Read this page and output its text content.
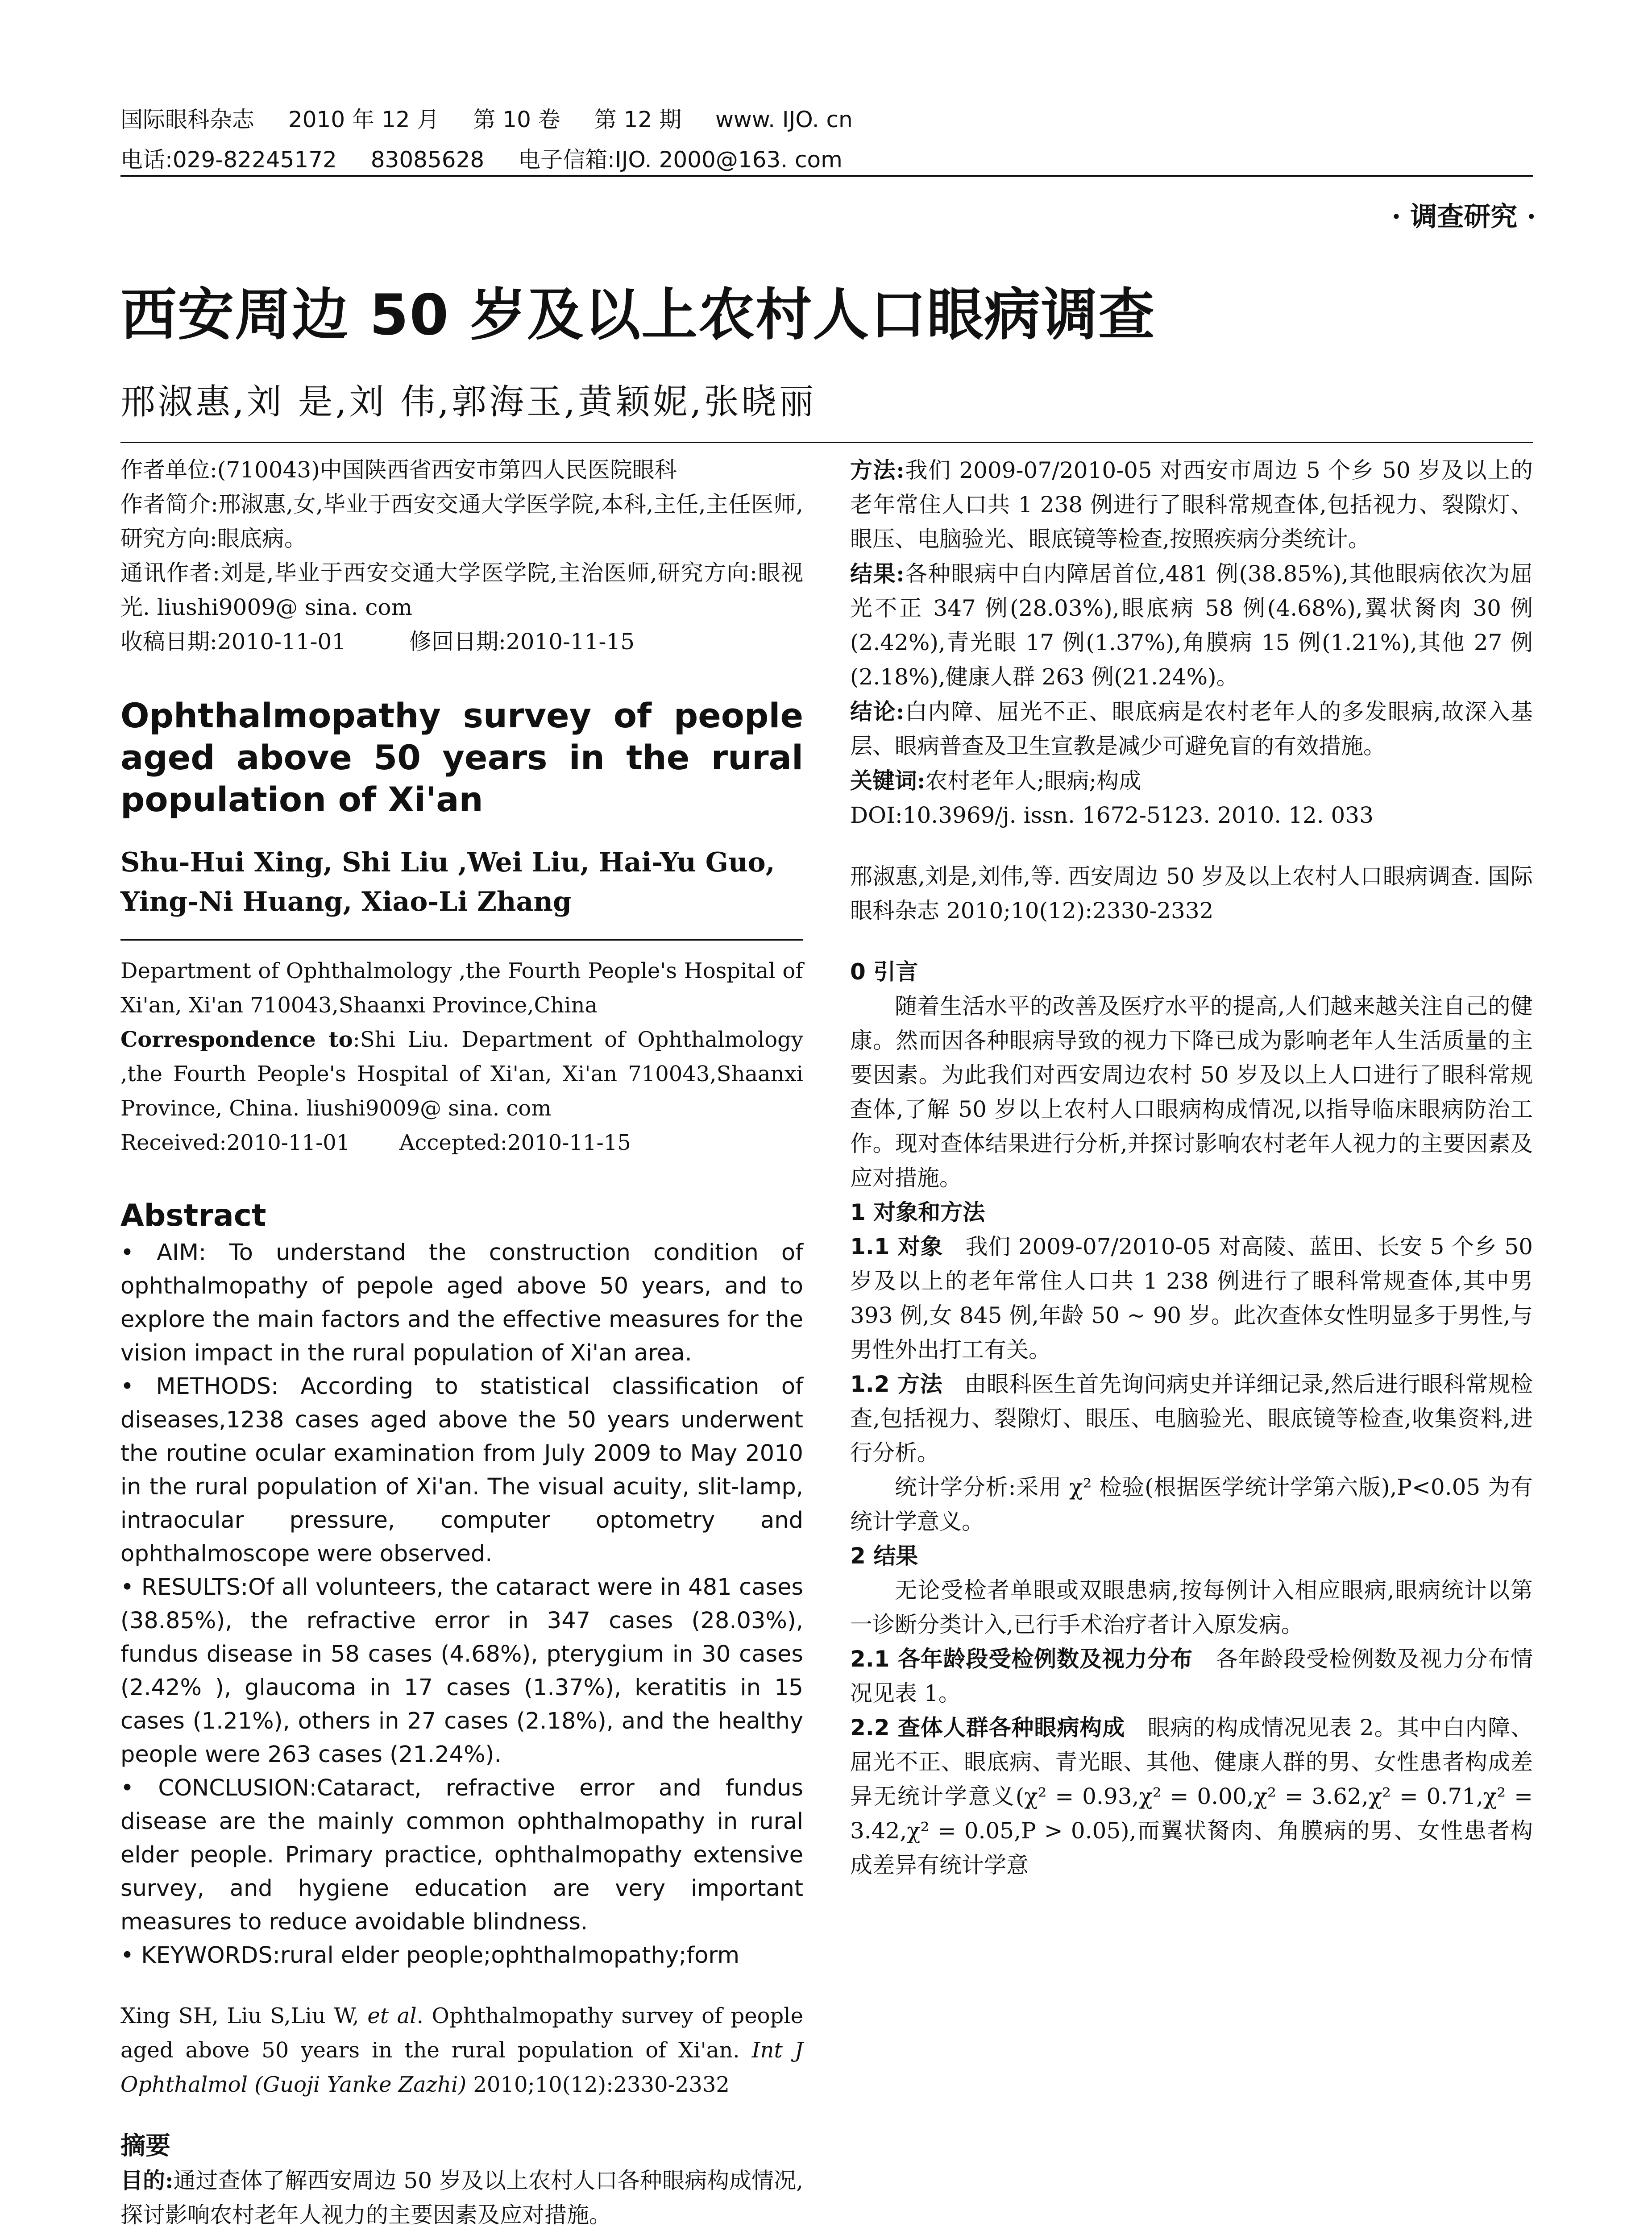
国际眼科杂志 2010 年 12 月 第 10 卷 第 12 期 www. IJO. cn
电话:029-82245172 83085628 电子信箱:IJO. 2000@163. com
· 调查研究 ·
西安周边 50 岁及以上农村人口眼病调查
邢淑惠,刘 是,刘 伟,郭海玉,黄颖妮,张晓丽

作者单位:(710043)中国陕西省西安市第四人民医院眼科

作者简介:邢淑惠,女,毕业于西安交通大学医学院,本科,主任,主任医师,研究方向:眼底病。

通讯作者:刘是,毕业于西安交通大学医学院,主治医师,研究方向:眼视光. liushi9009@ sina. com

收稿日期:2010-11-01	修回日期:2010-11-15

Ophthalmopathy survey of people aged above 50 years in the rural population of Xi'an
Shu-Hui Xing, Shi Liu ,Wei Liu, Hai-Yu Guo, Ying-Ni Huang, Xiao-Li Zhang

Department of Ophthalmology ,the Fourth People's Hospital of Xi'an, Xi'an 710043,Shaanxi Province,China

Correspondence to:Shi Liu. Department of Ophthalmology ,the Fourth People's Hospital of Xi'an, Xi'an 710043,Shaanxi Province, China. liushi9009@ sina. com

Received:2010-11-01 Accepted:2010-11-15

Abstract

• AIM: To understand the construction condition of ophthalmopathy of pepole aged above 50 years, and to explore the main factors and the effective measures for the vision impact in the rural population of Xi'an area.

• METHODS: According to statistical classification of diseases,1238 cases aged above the 50 years underwent the routine ocular examination from July 2009 to May 2010 in the rural population of Xi'an. The visual acuity, slit-lamp, intraocular pressure, computer optometry and ophthalmoscope were observed.

• RESULTS:Of all volunteers, the cataract were in 481 cases (38.85%), the refractive error in 347 cases (28.03%), fundus disease in 58 cases (4.68%), pterygium in 30 cases (2.42% ), glaucoma in 17 cases (1.37%), keratitis in 15 cases (1.21%), others in 27 cases (2.18%), and the healthy people were 263 cases (21.24%).

• CONCLUSION:Cataract, refractive error and fundus disease are the mainly common ophthalmopathy in rural elder people. Primary practice, ophthalmopathy extensive survey, and hygiene education are very important measures to reduce avoidable blindness.

• KEYWORDS:rural elder people;ophthalmopathy;form

Xing SH, Liu S,Liu W, et al. Ophthalmopathy survey of people aged above 50 years in the rural population of Xi'an. Int J Ophthalmol (Guoji Yanke Zazhi) 2010;10(12):2330-2332

摘要

目的:通过查体了解西安周边 50 岁及以上农村人口各种眼病构成情况,探讨影响农村老年人视力的主要因素及应对措施。

方法:我们 2009-07/2010-05 对西安市周边 5 个乡 50 岁及以上的老年常住人口共 1 238 例进行了眼科常规查体,包括视力、裂隙灯、眼压、电脑验光、眼底镜等检查,按照疾病分类统计。

结果:各种眼病中白内障居首位,481 例(38.85%),其他眼病依次为屈光不正 347 例(28.03%),眼底病 58 例(4.68%),翼状胬肉 30 例(2.42%),青光眼 17 例(1.37%),角膜病 15 例(1.21%),其他 27 例(2.18%),健康人群 263 例(21.24%)。

结论:白内障、屈光不正、眼底病是农村老年人的多发眼病,故深入基层、眼病普查及卫生宣教是减少可避免盲的有效措施。

关键词:农村老年人;眼病;构成

DOI:10.3969/j. issn. 1672-5123. 2010. 12. 033

邢淑惠,刘是,刘伟,等. 西安周边 50 岁及以上农村人口眼病调查. 国际眼科杂志 2010;10(12):2330-2332

0 引言

随着生活水平的改善及医疗水平的提高,人们越来越关注自己的健康。然而因各种眼病导致的视力下降已成为影响老年人生活质量的主要因素。为此我们对西安周边农村 50 岁及以上人口进行了眼科常规查体,了解 50 岁以上农村人口眼病构成情况,以指导临床眼病防治工作。现对查体结果进行分析,并探讨影响农村老年人视力的主要因素及应对措施。

1 对象和方法

1.1 对象 我们 2009-07/2010-05 对高陵、蓝田、长安 5 个乡 50 岁及以上的老年常住人口共 1 238 例进行了眼科常规查体,其中男 393 例,女 845 例,年龄 50 ~ 90 岁。此次查体女性明显多于男性,与男性外出打工有关。

1.2 方法 由眼科医生首先询问病史并详细记录,然后进行眼科常规检查,包括视力、裂隙灯、眼压、电脑验光、眼底镜等检查,收集资料,进行分析。

统计学分析:采用 χ² 检验(根据医学统计学第六版),P<0.05 为有统计学意义。

2 结果

无论受检者单眼或双眼患病,按每例计入相应眼病,眼病统计以第一诊断分类计入,已行手术治疗者计入原发病。

2.1 各年龄段受检例数及视力分布 各年龄段受检例数及视力分布情况见表 1。

2.2 查体人群各种眼病构成 眼病的构成情况见表 2。其中白内障、屈光不正、眼底病、青光眼、其他、健康人群的男、女性患者构成差异无统计学意义(χ² = 0.93,χ² = 0.00,χ² = 3.62,χ² = 0.71,χ² = 3.42,χ² = 0.05,P > 0.05),而翼状胬肉、角膜病的男、女性患者构成差异有统计学意
